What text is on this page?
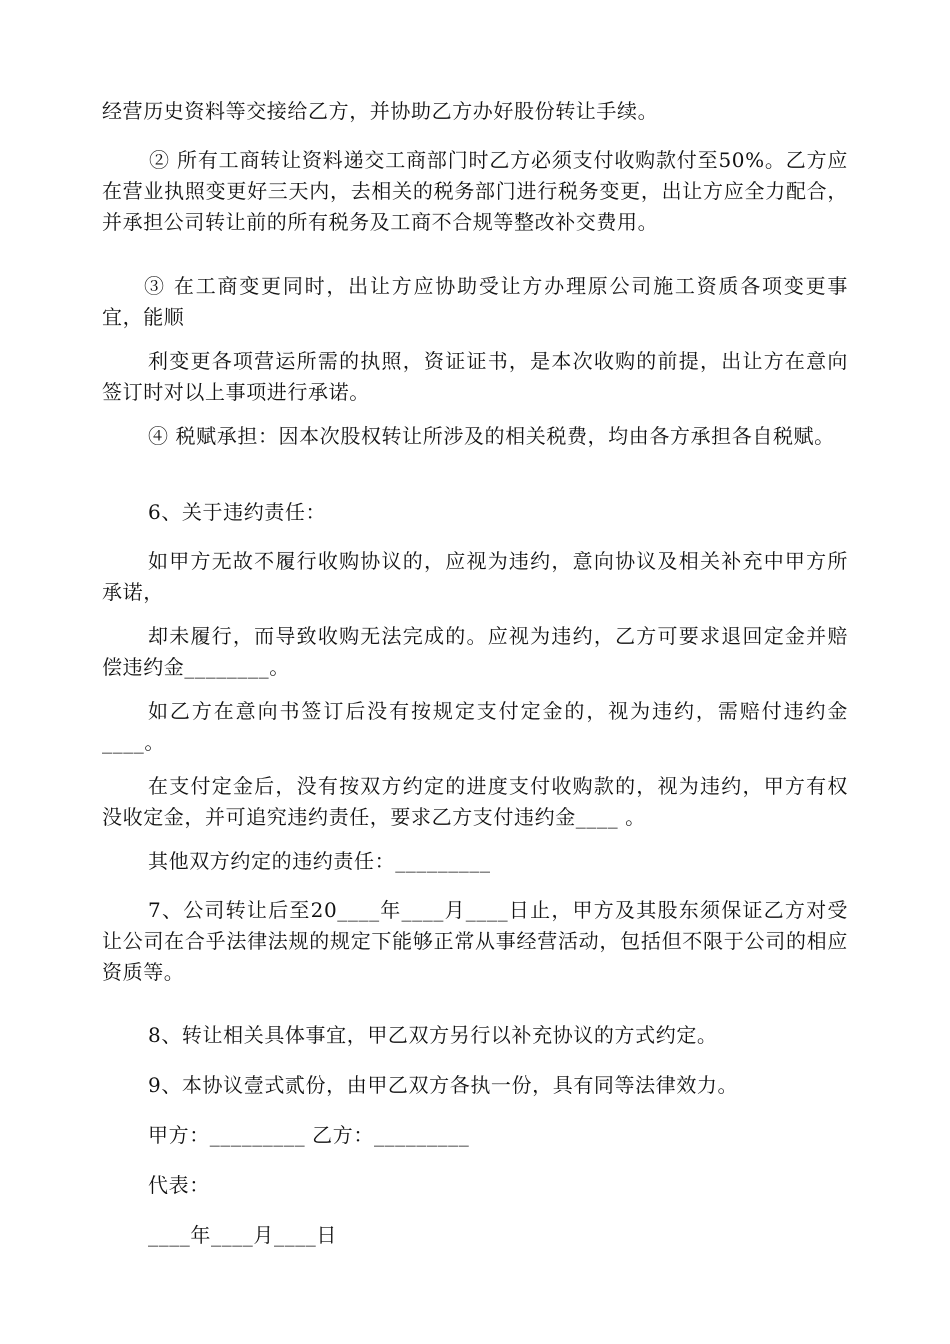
经营历史资料等交接给乙方，并协助乙方办好股份转让手续。

② 所有工商转让资料递交工商部门时乙方必须支付收购款付至50%。乙方应在营业执照变更好三天内，去相关的税务部门进行税务变更，出让方应全力配合，并承担公司转让前的所有税务及工商不合规等整改补交费用。

③ 在工商变更同时，出让方应协助受让方办理原公司施工资质各项变更事宜，能顺

利变更各项营运所需的执照，资证证书，是本次收购的前提，出让方在意向签订时对以上事项进行承诺。

④ 税赋承担：因本次股权转让所涉及的相关税费，均由各方承担各自税赋。

6、关于违约责任：

如甲方无故不履行收购协议的，应视为违约，意向协议及相关补充中甲方所承诺，

却未履行，而导致收购无法完成的。应视为违约，乙方可要求退回定金并赔偿违约金________。

如乙方在意向书签订后没有按规定支付定金的，视为违约，需赔付违约金____。

在支付定金后，没有按双方约定的进度支付收购款的，视为违约，甲方有权没收定金，并可追究违约责任，要求乙方支付违约金____ 。

其他双方约定的违约责任：_________

7、公司转让后至20____年____月____日止，甲方及其股东须保证乙方对受让公司在合乎法律法规的规定下能够正常从事经营活动，包括但不限于公司的相应资质等。

8、转让相关具体事宜，甲乙双方另行以补充协议的方式约定。

9、本协议壹式贰份，由甲乙双方各执一份，具有同等法律效力。

甲方：_________ 乙方：_________

代表：

____年____月____日
